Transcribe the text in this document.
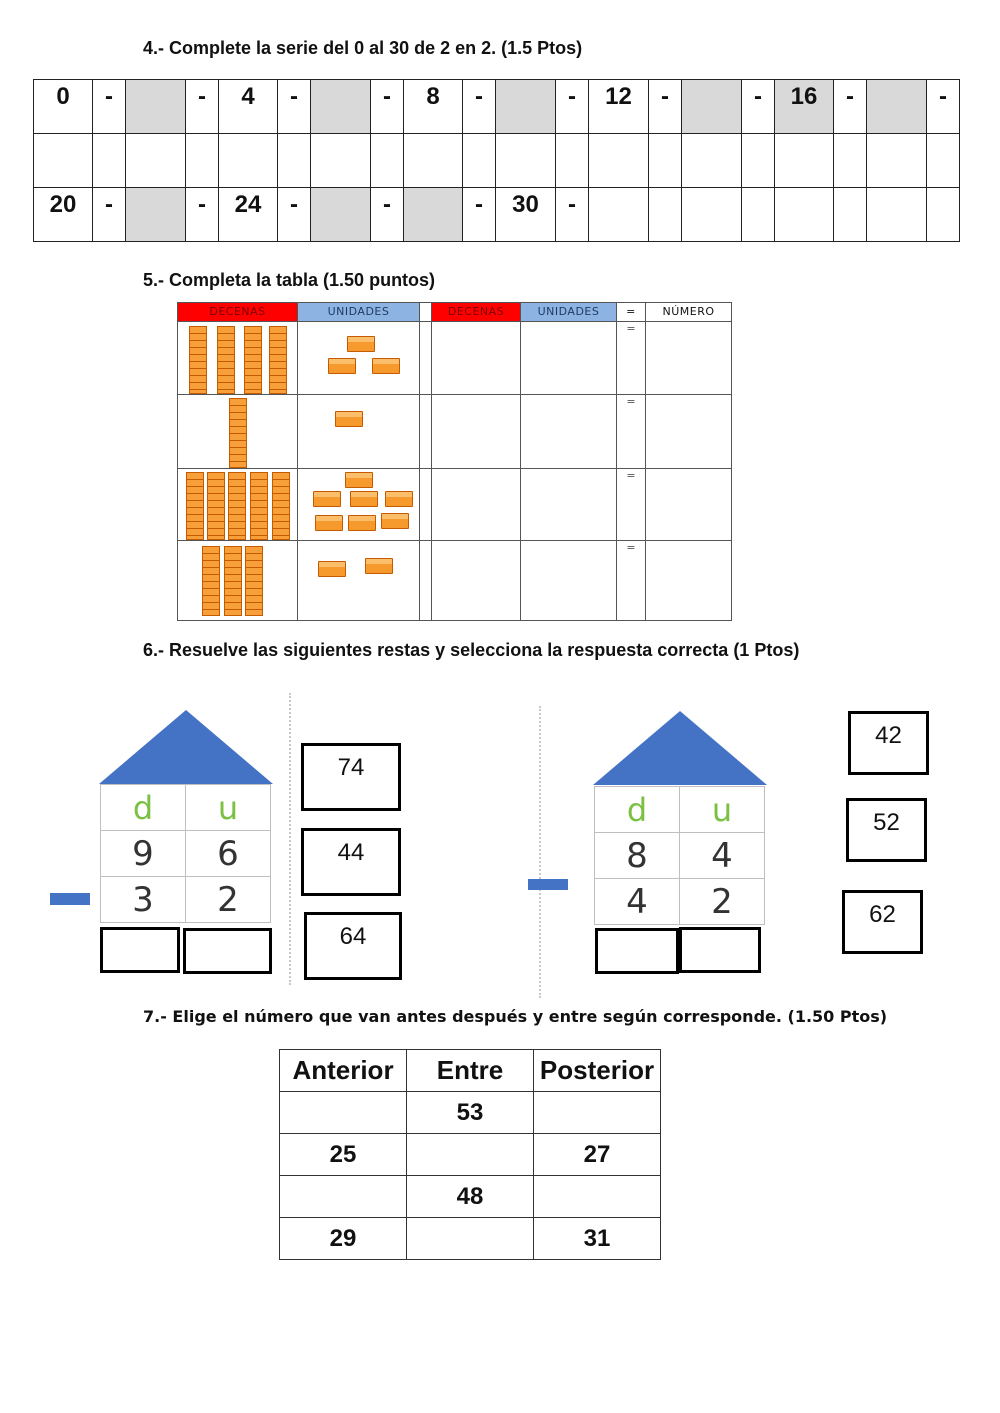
4.- Complete la serie del 0 al 30 de 2 en 2. (1.5 Ptos)
0	-		-	4	-		-	8	-		-	12	-		-	16	-		-

20	-		-	24	-		-		-	30	-								
5.- Completa la tabla (1.50 puntos)
DECENAS	UNIDADES		DECENAS	UNIDADES	=	NÚMERO

				=	

				=	

				=	

				=	
6.- Resuelve las siguientes restas y selecciona la respuesta correcta (1 Ptos)
d	u
9	6
3	2
74
44
64
d	u
8	4
4	2
42
52
62
7.- Elige el número que van antes después y entre según corresponde. (1.50 Ptos)
Anterior	Entre	Posterior
	53	
25		27
	48	
29		31
